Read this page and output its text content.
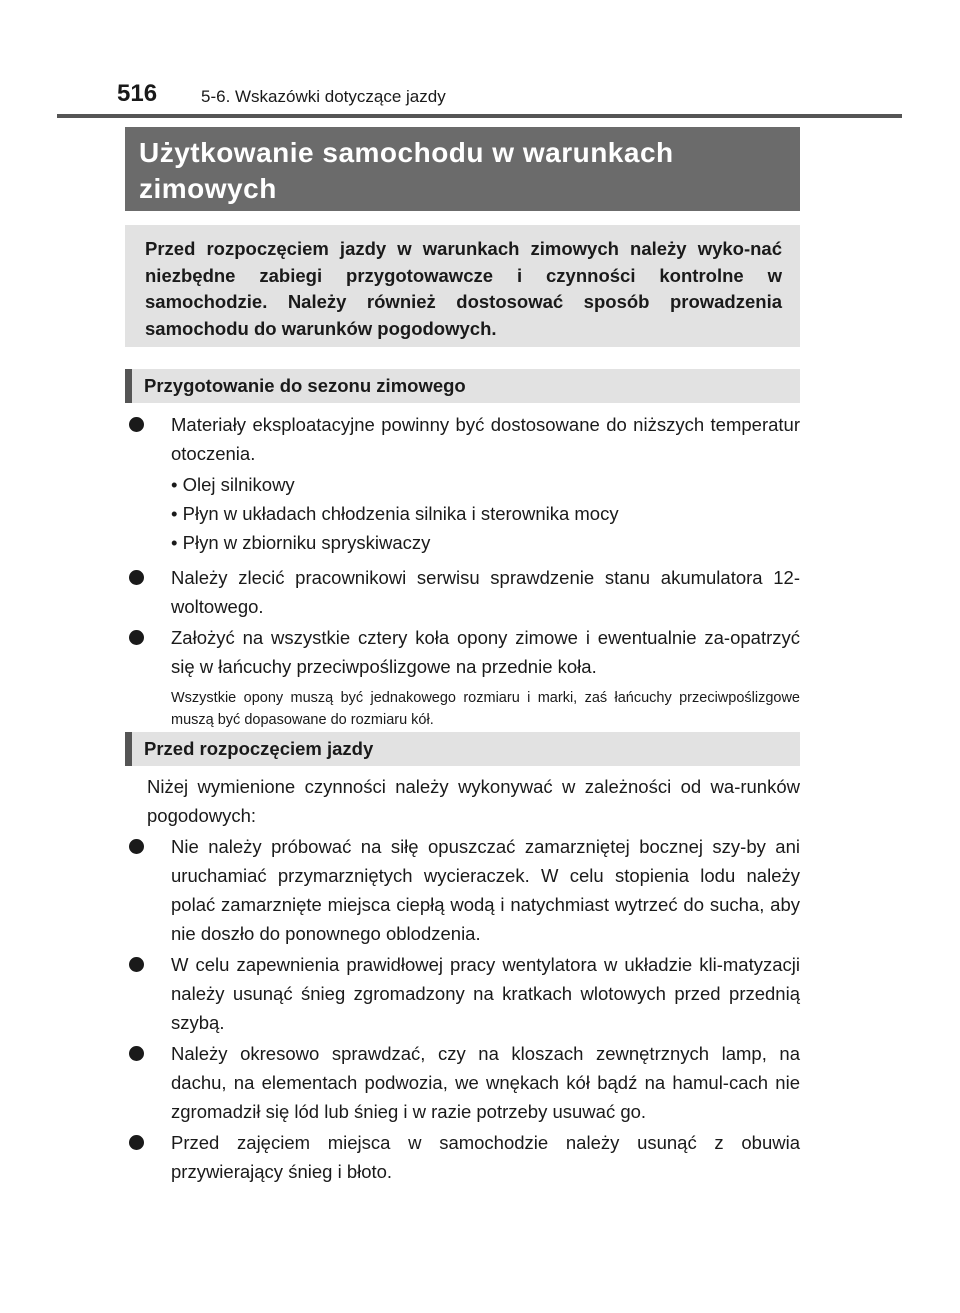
516	5-6. Wskazówki dotyczące jazdy
Użytkowanie samochodu w warunkach zimowych
Przed rozpoczęciem jazdy w warunkach zimowych należy wyko-nać niezbędne zabiegi przygotowawcze i czynności kontrolne w samochodzie. Należy również dostosować sposób prowadzenia samochodu do warunków pogodowych.
Przygotowanie do sezonu zimowego
Materiały eksploatacyjne powinny być dostosowane do niższych temperatur otoczenia.
• Olej silnikowy
• Płyn w układach chłodzenia silnika i sterownika mocy
• Płyn w zbiorniku spryskiwaczy
Należy zlecić pracownikowi serwisu sprawdzenie stanu akumulatora 12-woltowego.
Założyć na wszystkie cztery koła opony zimowe i ewentualnie za-opatrzyć się w łańcuchy przeciwpoślizgowe na przednie koła.
Wszystkie opony muszą być jednakowego rozmiaru i marki, zaś łańcuchy przeciwpoślizgowe muszą być dopasowane do rozmiaru kół.
Przed rozpoczęciem jazdy
Niżej wymienione czynności należy wykonywać w zależności od wa-runków pogodowych:
Nie należy próbować na siłę opuszczać zamarzniętej bocznej szy-by ani uruchamiać przymarzniętych wycieraczek. W celu stopienia lodu należy polać zamarznięte miejsca ciepłą wodą i natychmiast wytrzeć do sucha, aby nie doszło do ponownego oblodzenia.
W celu zapewnienia prawidłowej pracy wentylatora w układzie kli-matyzacji należy usunąć śnieg zgromadzony na kratkach wlotowych przed przednią szybą.
Należy okresowo sprawdzać, czy na kloszach zewnętrznych lamp, na dachu, na elementach podwozia, we wnękach kół bądź na hamul-cach nie zgromadził się lód lub śnieg i w razie potrzeby usuwać go.
Przed zajęciem miejsca w samochodzie należy usunąć z obuwia przywierający śnieg i błoto.
